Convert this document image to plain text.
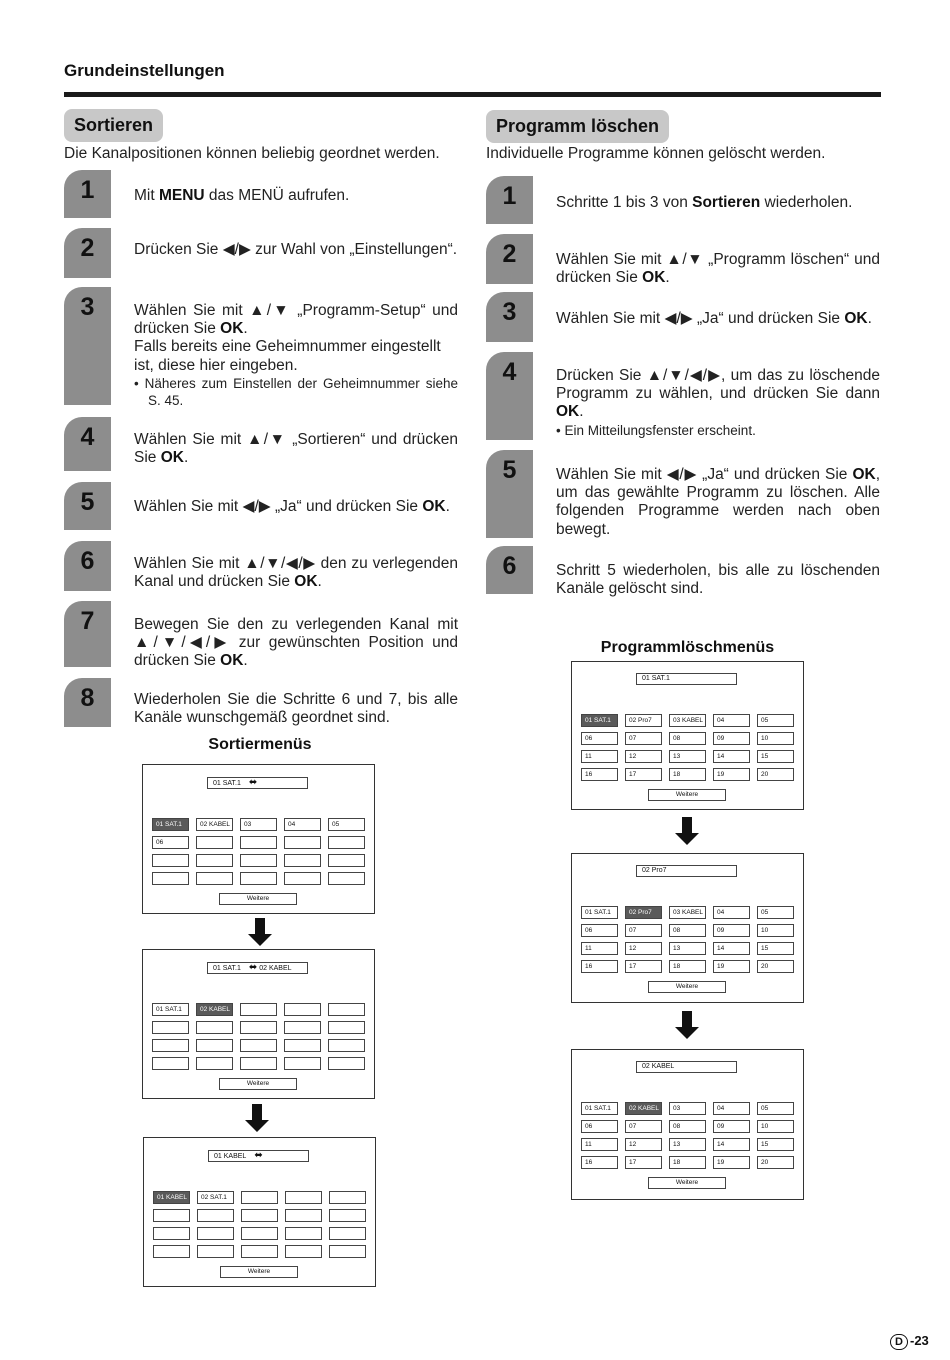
Grundeinstellungen
Sortieren
Die Kanalpositionen können beliebig geordnet werden.
Programm löschen
Individuelle Programme können gelöscht werden.
1	Mit MENU das MENÜ aufrufen.
2	Drücken Sie ◀/▶ zur Wahl von „Einstellungen“.
3	Wählen Sie mit ▲/▼ „Programm-Setup“ und drücken Sie OK.
Falls bereits eine Geheimnummer eingestellt ist, diese hier eingeben.
• Näheres zum Einstellen der Geheimnummer siehe S. 45.
4	Wählen Sie mit ▲/▼ „Sortieren“ und drücken Sie OK.
5	Wählen Sie mit ◀/▶ „Ja“ und drücken Sie OK.
6	Wählen Sie mit ▲/▼/◀/▶ den zu verlegenden Kanal und drücken Sie OK.
7	Bewegen Sie den zu verlegenden Kanal mit ▲/▼/◀/▶ zur gewünschten Position und drücken Sie OK.
8	Wiederholen Sie die Schritte 6 und 7, bis alle Kanäle wunschgemäß geordnet sind.
1	Schritte 1 bis 3 von Sortieren wiederholen.
2	Wählen Sie mit ▲/▼ „Programm löschen“ und drücken Sie OK.
3	Wählen Sie mit ◀/▶ „Ja“ und drücken Sie OK.
4	Drücken Sie ▲/▼/◀/▶, um das zu löschende Programm zu wählen, und drücken Sie dann OK.
• Ein Mitteilungsfenster erscheint.
5	Wählen Sie mit ◀/▶ „Ja“ und drücken Sie OK, um das gewählte Programm zu löschen. Alle folgenden Programme werden nach oben bewegt.
6	Schritt 5 wiederholen, bis alle zu löschenden Kanäle gelöscht sind.
Sortiermenüs
Programmlöschmenüs
01 SAT.1 ⬌
01 SAT.1	02 KABEL	03	04	05
06
Weitere
01 SAT.1 ⬌ 02 KABEL
01 SAT.1	02 KABEL
Weitere
01 KABEL ⬌
01 KABEL	02 SAT.1
Weitere
01 SAT.1
01 SAT.1	02 Pro7	03 KABEL	04	05
06	07	08	09	10
11	12	13	14	15
16	17	18	19	20
Weitere
02 Pro7
01 SAT.1	02 Pro7	03 KABEL	04	05
06	07	08	09	10
11	12	13	14	15
16	17	18	19	20
Weitere
02 KABEL
01 SAT.1	02 KABEL	03	04	05
06	07	08	09	10
11	12	13	14	15
16	17	18	19	20
Weitere
D -23
